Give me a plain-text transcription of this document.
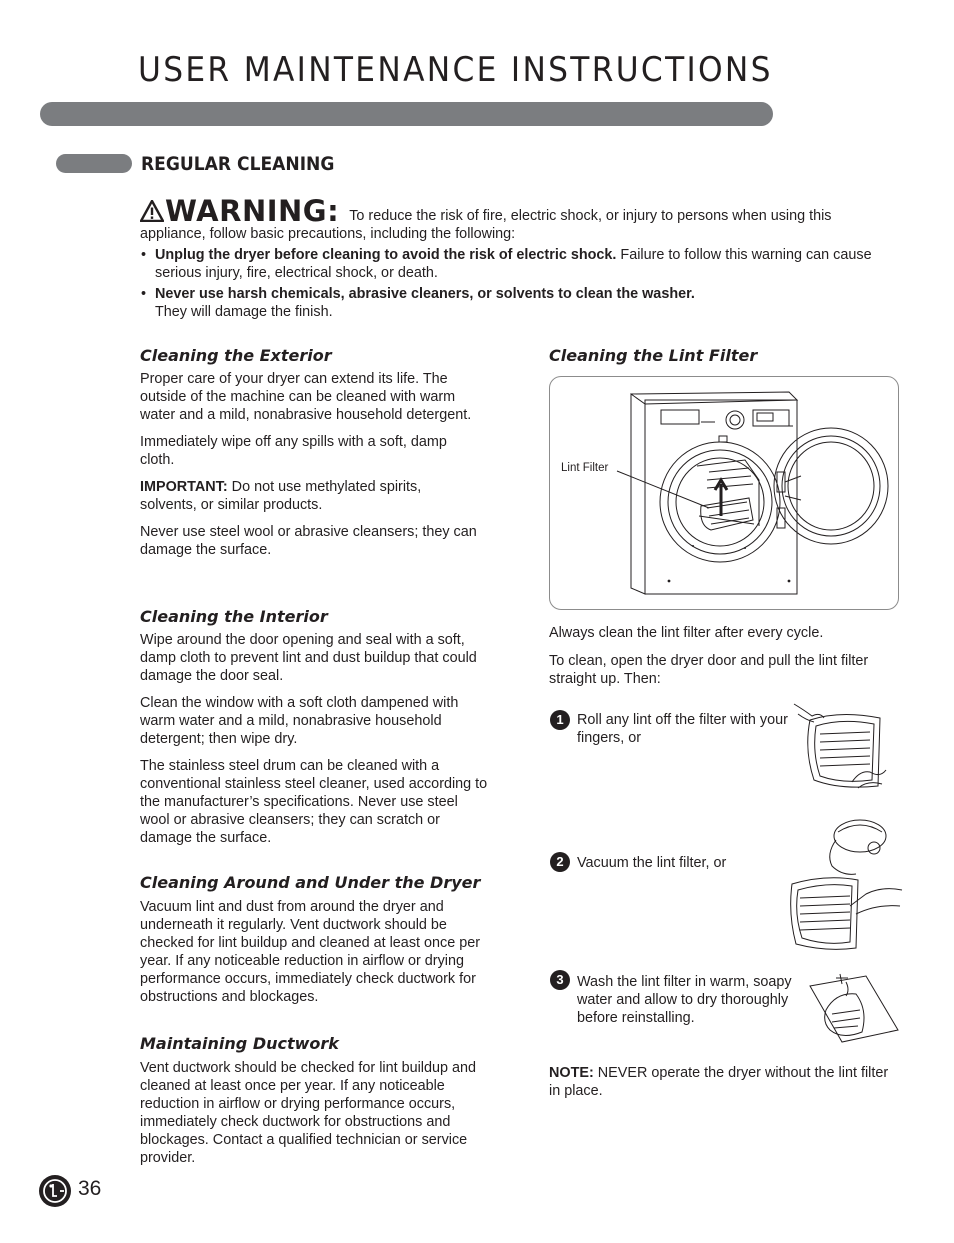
USER MAINTENANCE INSTRUCTIONS
REGULAR CLEANING
WARNING: To reduce the risk of fire, electric shock, or injury to persons when using this
appliance, follow basic precautions, including the following:
• Unplug the dryer before cleaning to avoid the risk of electric shock. Failure to follow this warning can cause serious injury, fire, electrical shock, or death.
• Never use harsh chemicals, abrasive cleaners, or solvents to clean the washer.
They will damage the finish.
Cleaning the Exterior

Proper care of your dryer can extend its life. The outside of the machine can be cleaned with warm water and a mild, nonabrasive household detergent.

Immediately wipe off any spills with a soft, damp cloth.

IMPORTANT: Do not use methylated spirits, solvents, or similar products.

Never use steel wool or abrasive cleansers; they can damage the surface.

Cleaning the Interior

Wipe around the door opening and seal with a soft, damp cloth to prevent lint and dust buildup that could damage the door seal.

Clean the window with a soft cloth dampened with warm water and a mild, nonabrasive household detergent; then wipe dry.

The stainless steel drum can be cleaned with a conventional stainless steel cleaner, used according to the manufacturer’s specifications. Never use steel wool or abrasive cleansers; they can scratch or damage the surface.

Cleaning Around and Under the Dryer

Vacuum lint and dust from around the dryer and underneath it regularly. Vent ductwork should be checked for lint buildup and cleaned at least once per year. If any noticeable reduction in airflow or drying performance occurs, immediately check ductwork for obstructions and blockages.

Maintaining Ductwork

Vent ductwork should be checked for lint buildup and cleaned at least once per year. If any noticeable reduction in airflow or drying performance occurs, immediately check ductwork for obstructions and blockages. Contact a qualified technician or service provider.

Cleaning the Lint Filter
Lint Filter

Always clean the lint filter after every cycle.

To clean, open the dryer door and pull the lint filter straight up. Then:

1 Roll any lint off the filter with your fingers, or
2 Vacuum the lint filter, or
3 Wash the lint filter in warm, soapy water and allow to dry thoroughly before reinstalling.

NOTE: NEVER operate the dryer without the lint filter in place.

36
